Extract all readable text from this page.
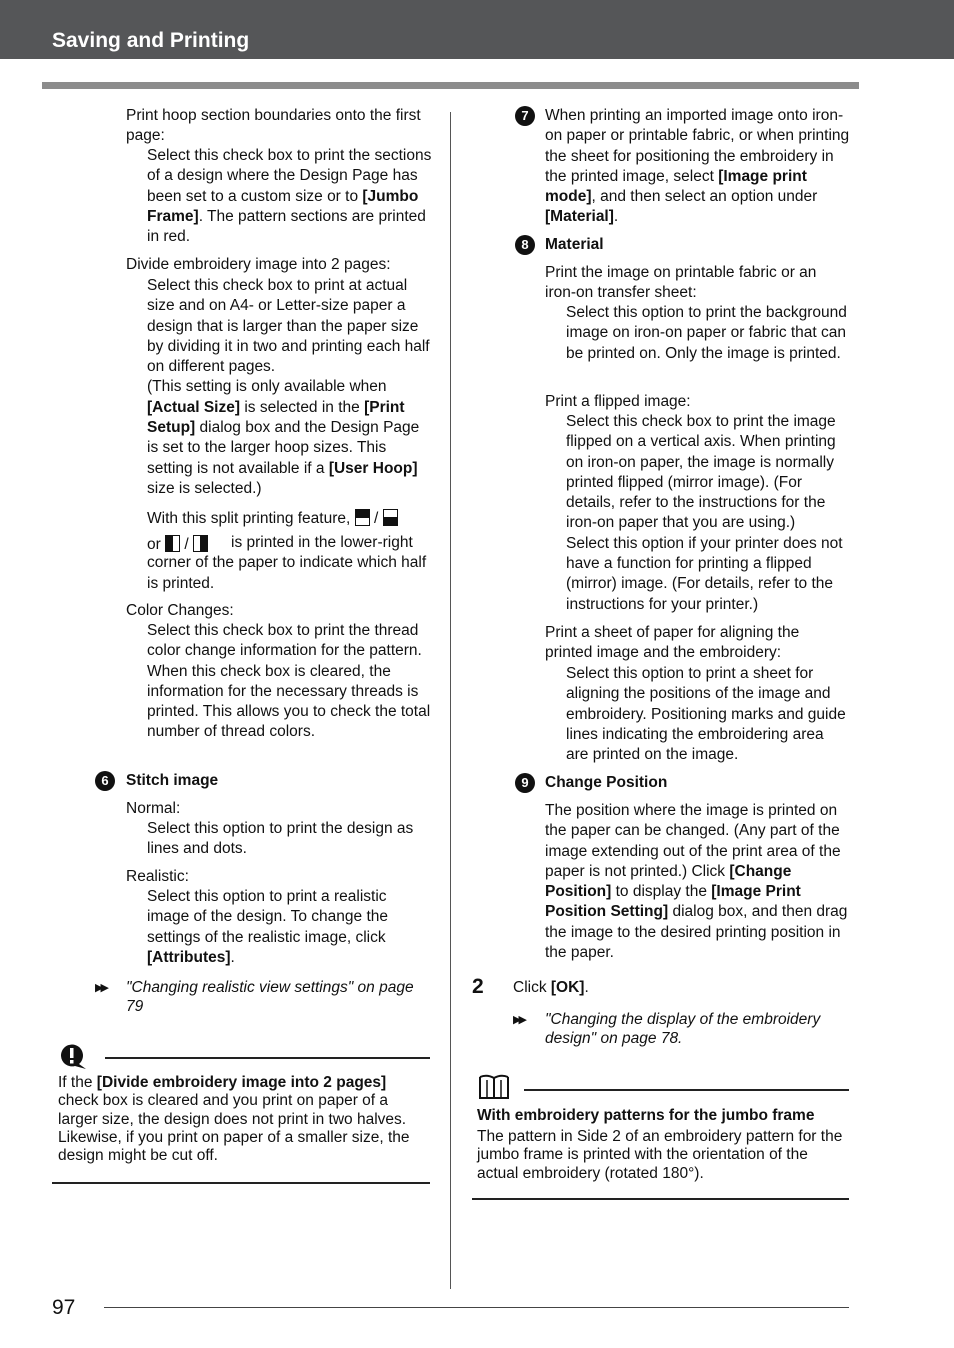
Saving and Printing
Print hoop section boundaries onto the first page:
Select this check box to print the sections of a design where the Design Page has been set to a custom size or to [Jumbo Frame]. The pattern sections are printed in red.
Divide embroidery image into 2 pages:
Select this check box to print at actual size and on A4- or Letter-size paper a design that is larger than the paper size by dividing it in two and printing each half on different pages.
(This setting is only available when [Actual Size] is selected in the [Print Setup] dialog box and the Design Page is set to the larger hoop sizes. This setting is not available if a [User Hoop] size is selected.)
With this split printing feature, /
or /	is printed in the lower-right corner of the paper to indicate which half is printed.
Color Changes:
Select this check box to print the thread color change information for the pattern.
When this check box is cleared, the information for the necessary threads is printed. This allows you to check the total number of thread colors.
6	Stitch image
Normal:
Select this option to print the design as lines and dots.
Realistic:
Select this option to print a realistic image of the design. To change the settings of the realistic image, click [Attributes].
▶▶ "Changing realistic view settings" on page 79
If the [Divide embroidery image into 2 pages] check box is cleared and you print on paper of a larger size, the design does not print in two halves. Likewise, if you print on paper of a smaller size, the design might be cut off.
7	When printing an imported image onto iron-on paper or printable fabric, or when printing the sheet for positioning the embroidery in the printed image, select [Image print mode], and then select an option under [Material].
8	Material
Print the image on printable fabric or an iron-on transfer sheet:
Select this option to print the background image on iron-on paper or fabric that can be printed on. Only the image is printed.
Print a flipped image:
Select this check box to print the image flipped on a vertical axis. When printing on iron-on paper, the image is normally printed flipped (mirror image). (For details, refer to the instructions for the iron-on paper that you are using.)
Select this option if your printer does not have a function for printing a flipped (mirror) image. (For details, refer to the instructions for your printer.)
Print a sheet of paper for aligning the printed image and the embroidery:
Select this option to print a sheet for aligning the positions of the image and embroidery. Positioning marks and guide lines indicating the embroidering area are printed on the image.
9	Change Position
The position where the image is printed on the paper can be changed. (Any part of the image extending out of the print area of the paper is not printed.) Click [Change Position] to display the [Image Print Position Setting] dialog box, and then drag the image to the desired printing position in the paper.
2 Click [OK].
▶▶ "Changing the display of the embroidery design" on page 78.
With embroidery patterns for the jumbo frame
The pattern in Side 2 of an embroidery pattern for the jumbo frame is printed with the orientation of the actual embroidery (rotated 180°).
97
